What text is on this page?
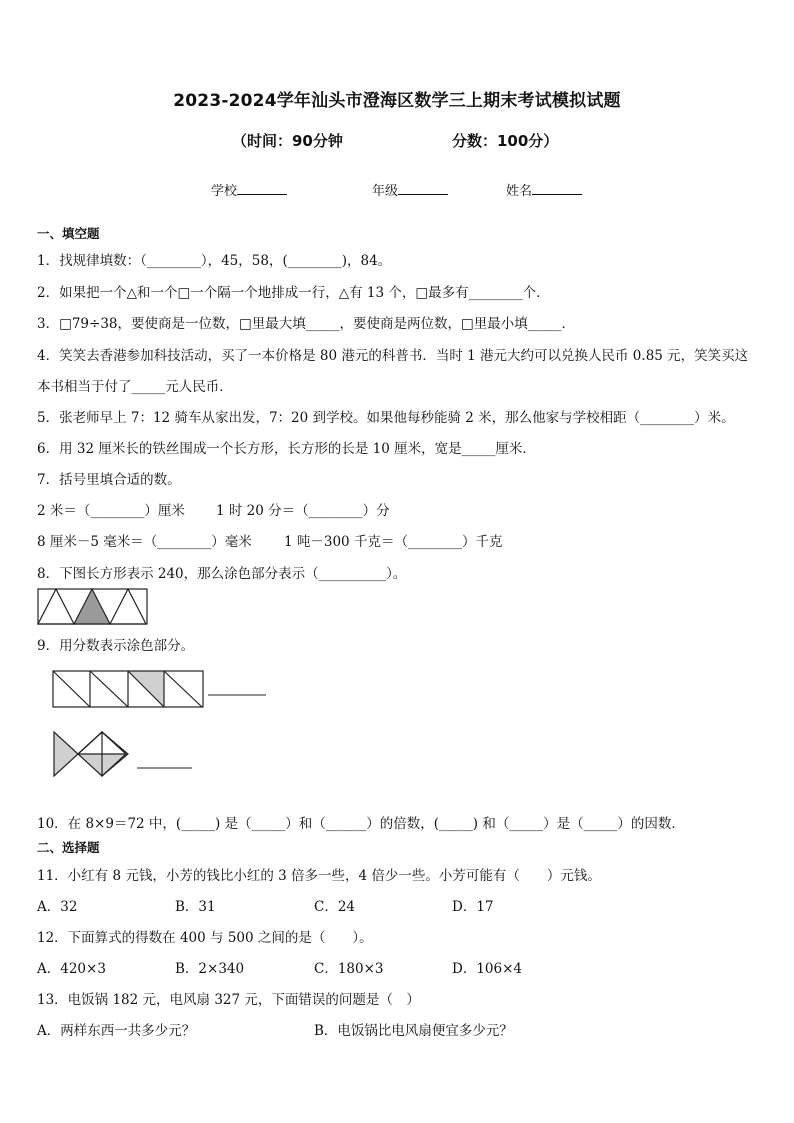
2023-2024学年汕头市澄海区数学三上期末考试模拟试题
（时间：90分钟	分数：100分）
学校	年级	姓名
一、填空题
1．找规律填数：（________），45，58，(________)，84。
2．如果把一个△和一个□一个隔一个地排成一行，△有 13 个，□最多有________个．
3．□79÷38，要使商是一位数，□里最大填_____，要使商是两位数，□里最小填_____．
4．笑笑去香港参加科技活动，买了一本价格是 80 港元的科普书．当时 1 港元大约可以兑换人民币 0.85 元，笑笑买这
本书相当于付了_____元人民币．
5．张老师早上 7：12 骑车从家出发，7：20 到学校。如果他每秒能骑 2 米，那么他家与学校相距（________）米。
6．用 32 厘米长的铁丝围成一个长方形，长方形的长是 10 厘米，宽是_____厘米．
7．括号里填合适的数。
2 米＝（________）厘米 1 时 20 分＝（________）分
8 厘米－5 毫米＝（________）毫米 1 吨－300 千克＝（________）千克
8．下图长方形表示 240，那么涂色部分表示（__________）。
9．用分数表示涂色部分。
10．在 8×9＝72 中，(_____) 是（_____）和（______）的倍数，(_____) 和（_____）是（_____）的因数．
二、选择题
11．小红有 8 元钱，小芳的钱比小红的 3 倍多一些，4 倍少一些。小芳可能有（　　）元钱。
A．32	B．31	C．24	D．17
12．下面算式的得数在 400 与 500 之间的是（　　）。
A．420×3	B．2×340	C．180×3	D．106×4
13．电饭锅 182 元，电风扇 327 元，下面错误的问题是（　）
A．两样东西一共多少元？	B．电饭锅比电风扇便宜多少元？
